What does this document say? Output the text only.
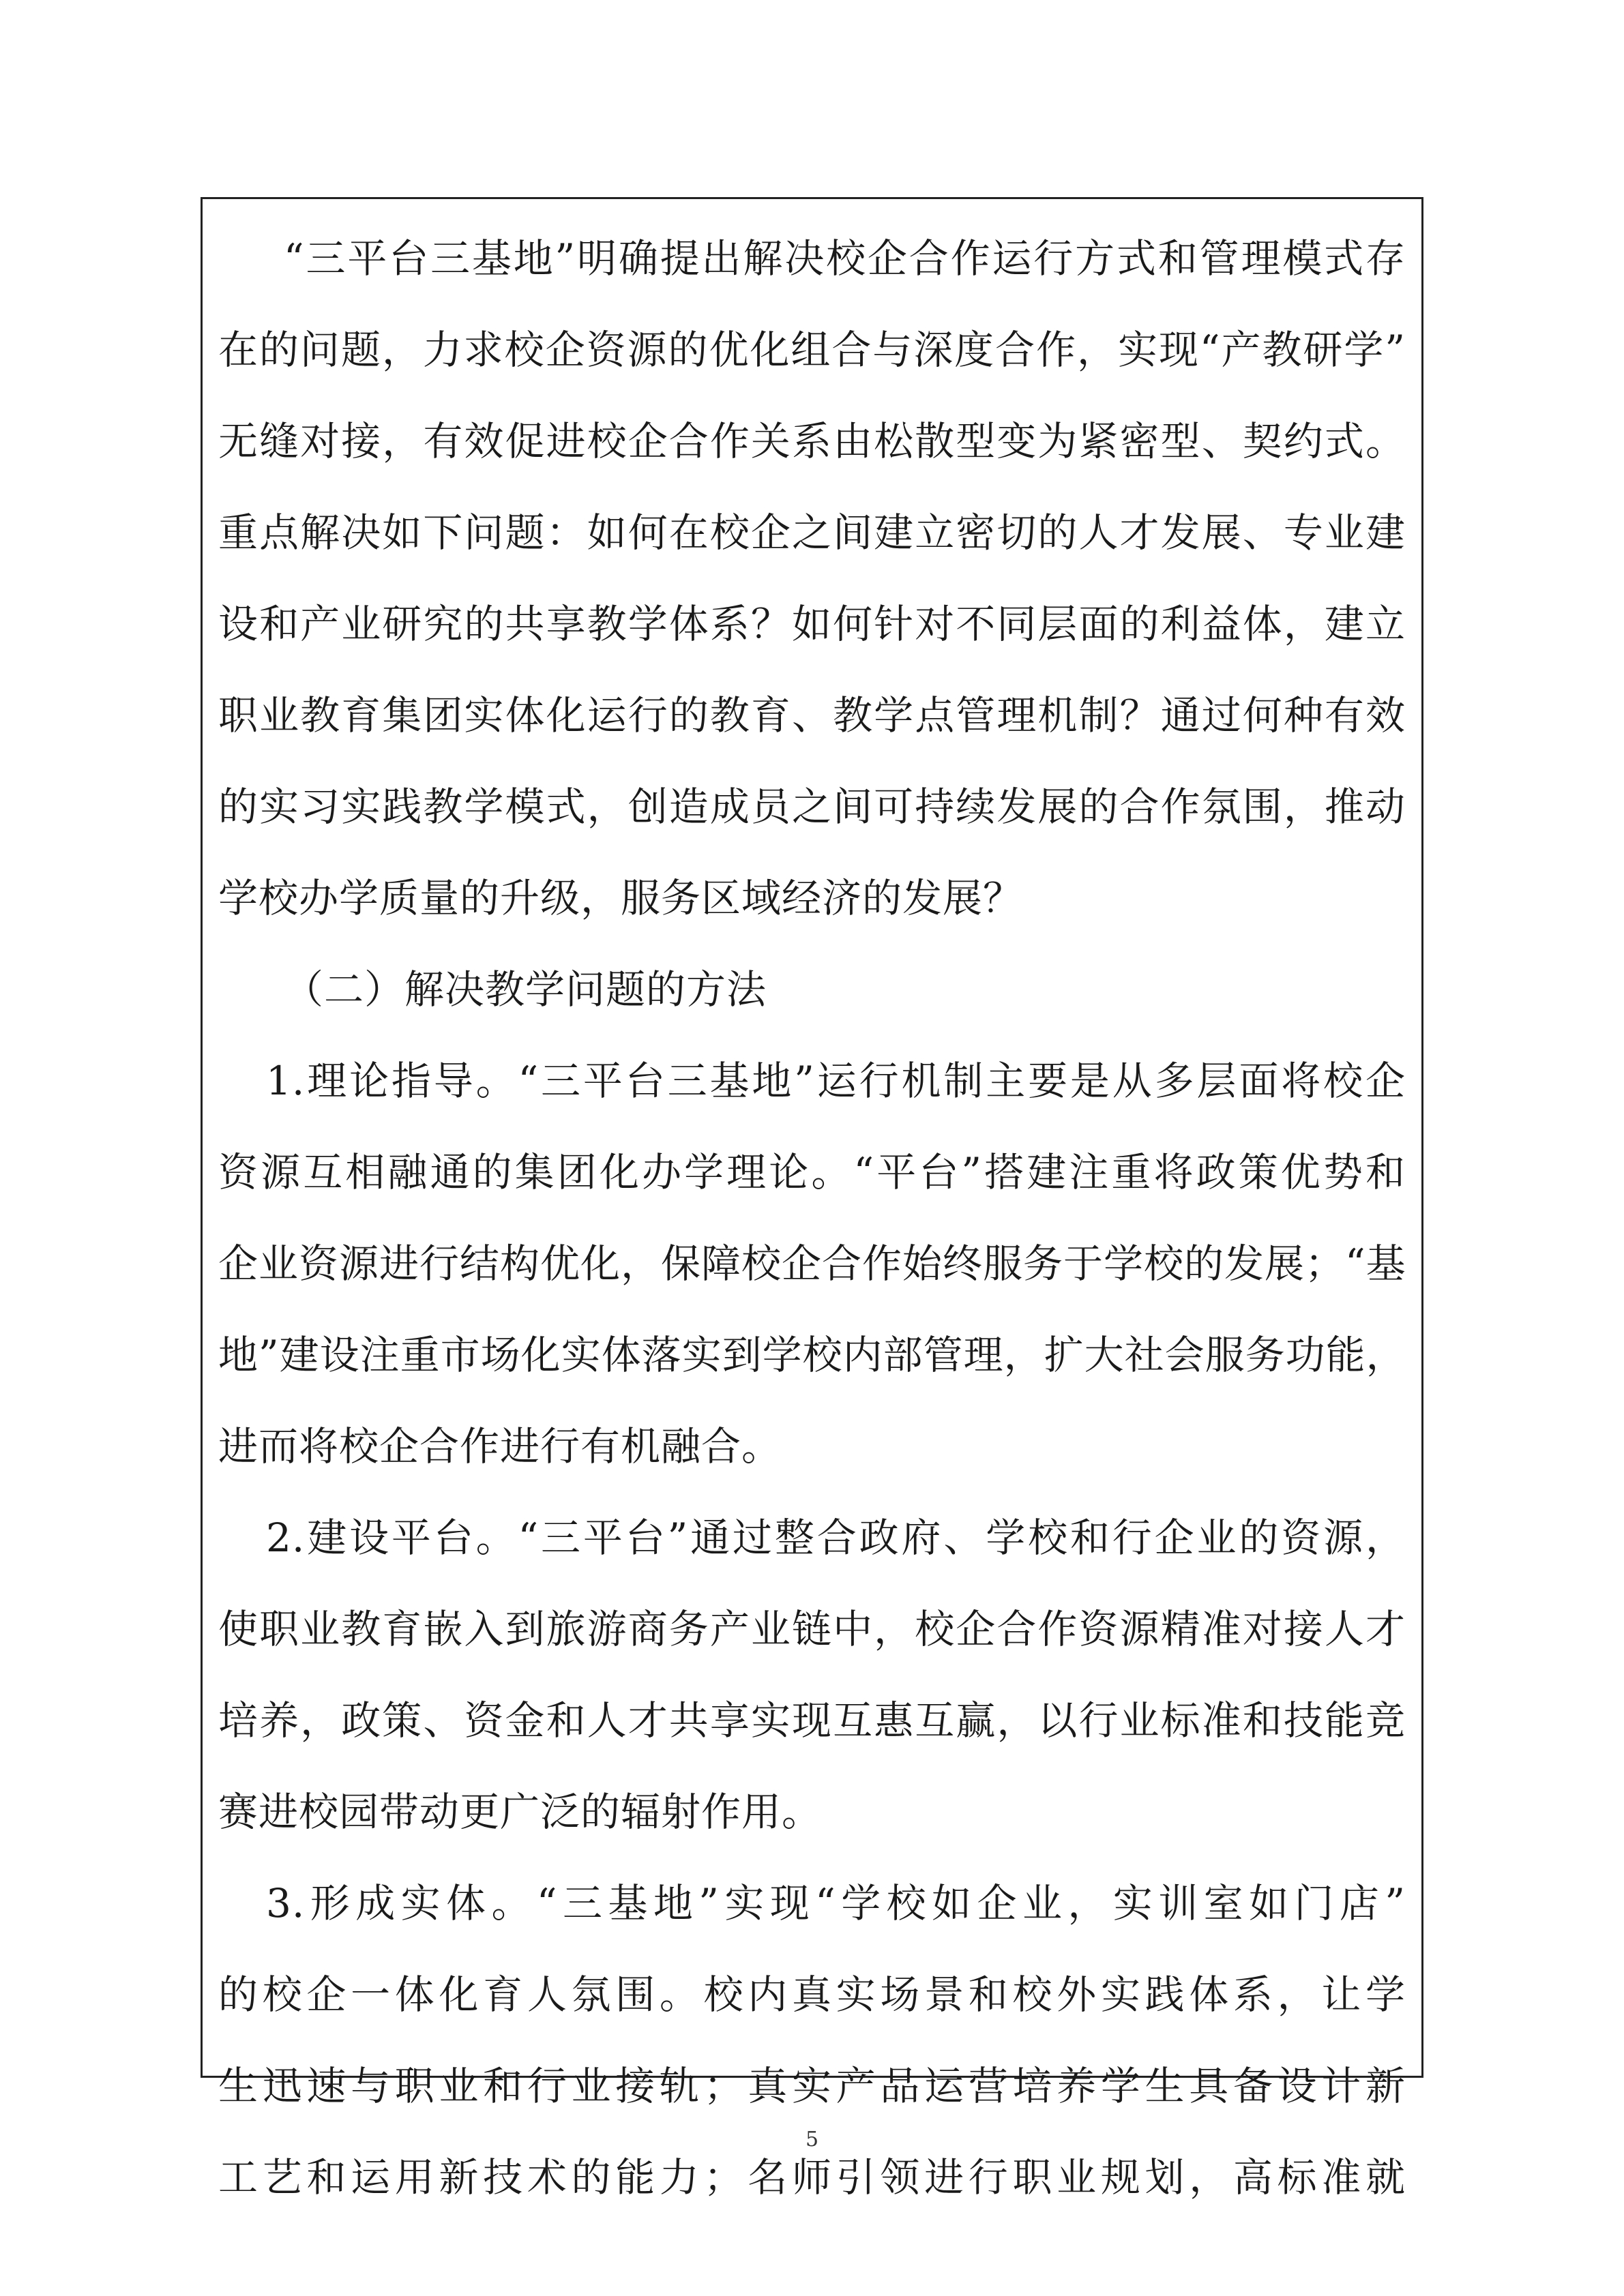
“三平台三基地”明确提出解决校企合作运行方式和管理模式存
在的问题，力求校企资源的优化组合与深度合作，实现“产教研学”
无缝对接，有效促进校企合作关系由松散型变为紧密型、契约式。
重点解决如下问题：如何在校企之间建立密切的人才发展、专业建
设和产业研究的共享教学体系？如何针对不同层面的利益体，建立
职业教育集团实体化运行的教育、教学点管理机制？通过何种有效
的实习实践教学模式，创造成员之间可持续发展的合作氛围，推动
学校办学质量的升级，服务区域经济的发展？
（二）解决教学问题的方法
1.理论指导。“三平台三基地”运行机制主要是从多层面将校企
资源互相融通的集团化办学理论。“平台”搭建注重将政策优势和
企业资源进行结构优化，保障校企合作始终服务于学校的发展；“基
地”建设注重市场化实体落实到学校内部管理，扩大社会服务功能，
进而将校企合作进行有机融合。
2.建设平台。“三平台”通过整合政府、学校和行企业的资源，
使职业教育嵌入到旅游商务产业链中，校企合作资源精准对接人才
培养，政策、资金和人才共享实现互惠互赢，以行业标准和技能竞
赛进校园带动更广泛的辐射作用。
3.形成实体。“三基地”实现“学校如企业，实训室如门店”
的校企一体化育人氛围。校内真实场景和校外实践体系，让学
生迅速与职业和行业接轨；真实产品运营培养学生具备设计新
工艺和运用新技术的能力；名师引领进行职业规划，高标准就
5
